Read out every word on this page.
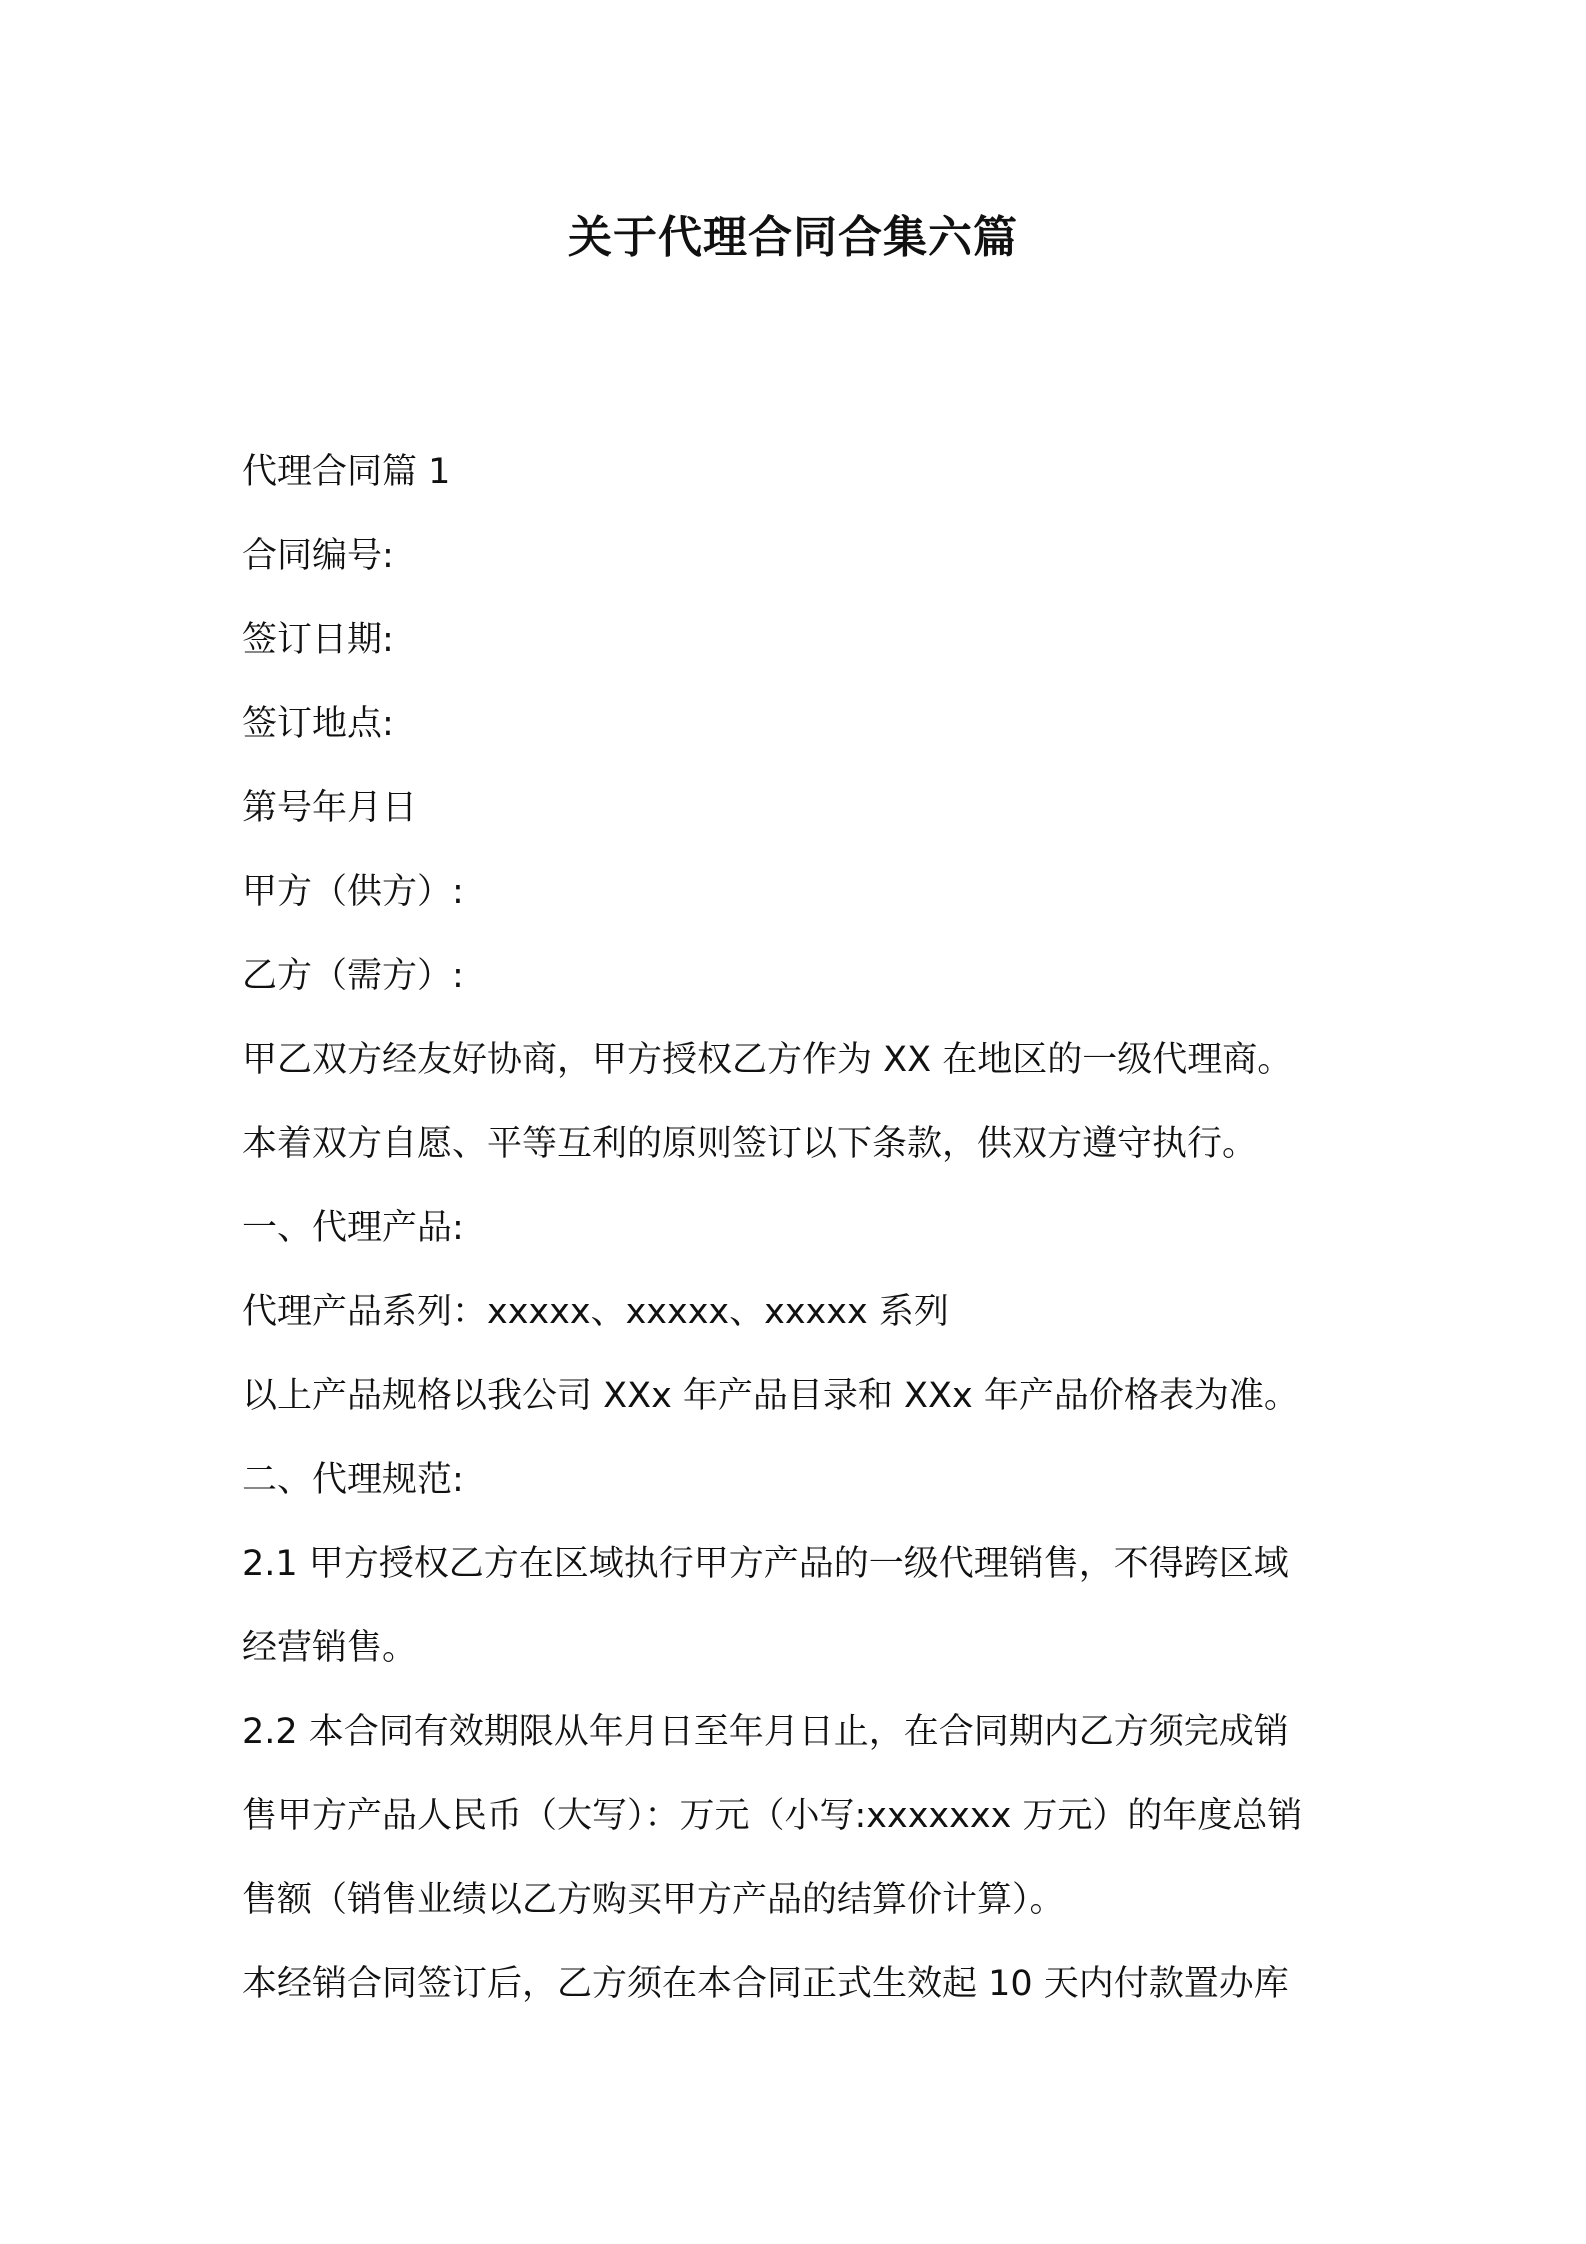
关于代理合同合集六篇

代理合同篇 1

合同编号:

签订日期:

签订地点:

第号年月日

甲方（供方）:

乙方（需方）:

甲乙双方经友好协商，甲方授权乙方作为 XX 在地区的一级代理商。

本着双方自愿、平等互利的原则签订以下条款，供双方遵守执行。

一、代理产品:

代理产品系列：xxxxx、xxxxx、xxxxx 系列

以上产品规格以我公司 XXx 年产品目录和 XXx 年产品价格表为准。

二、代理规范:

2.1 甲方授权乙方在区域执行甲方产品的一级代理销售，不得跨区域

经营销售。

2.2 本合同有效期限从年月日至年月日止，在合同期内乙方须完成销

售甲方产品人民币（大写）：万元（小写:xxxxxxx 万元）的年度总销

售额（销售业绩以乙方购买甲方产品的结算价计算）。

本经销合同签订后，乙方须在本合同正式生效起 10 天内付款置办库
